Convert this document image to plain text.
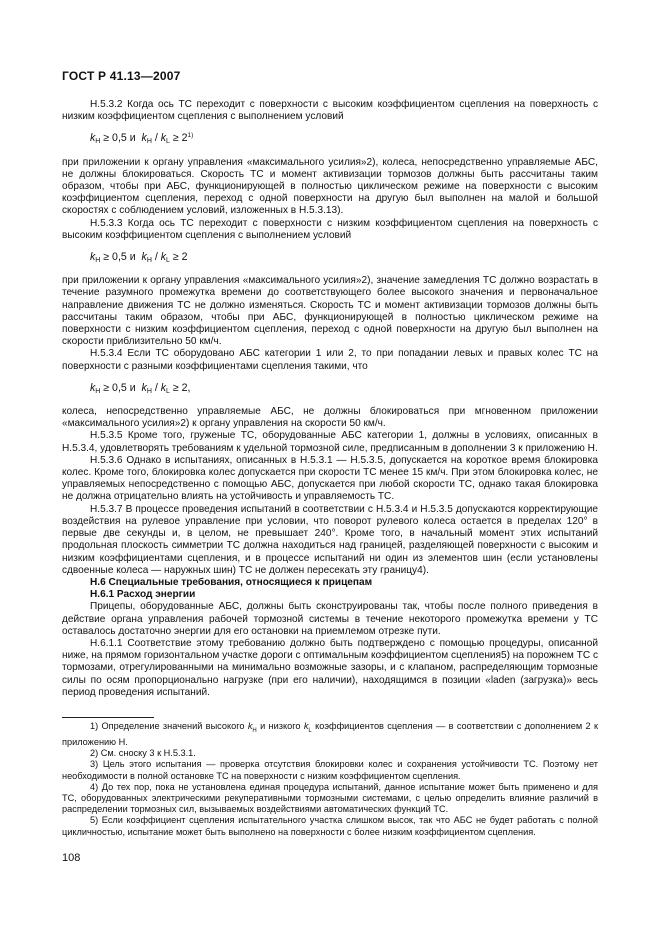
ГОСТ Р 41.13—2007

Н.5.3.2 Когда ось ТС переходит с поверхности с высоким коэффициентом сцепления на поверхность с низким коэффициентом сцепления с выполнением условий

$k_H \ge 0,5$ и  $k_H / k_L \ge 2^{1)}$

при приложении к органу управления «максимального усилия»2), колеса, непосредственно управляемые АБС, не должны блокироваться. Скорость ТС и момент активизации тормозов должны быть рассчитаны таким образом, чтобы при АБС, функционирующей в полностью циклическом режиме на поверхности с высоким коэффициентом сцепления, переход с одной поверхности на другую был выполнен на малой и большой скоростях с соблюдением условий, изложенных в Н.5.3.13).

Н.5.3.3 Когда ось ТС переходит с поверхности с низким коэффициентом сцепления на поверхность с высоким коэффициентом сцепления с выполнением условий

$k_H \ge 0,5$ и  $k_H / k_L \ge 2$

при приложении к органу управления «максимального усилия»2), значение замедления ТС должно возрастать в течение разумного промежутка времени до соответствующего более высокого значения и первоначальное направление движения ТС не должно изменяться. Скорость ТС и момент активизации тормозов должны быть рассчитаны таким образом, чтобы при АБС, функционирующей в полностью циклическом режиме на поверхности с низким коэффициентом сцепления, переход с одной поверхности на другую был выполнен на скорости приблизительно 50 км/ч.

Н.5.3.4 Если ТС оборудовано АБС категории 1 или 2, то при попадании левых и правых колес ТС на поверхности с разными коэффициентами сцепления такими, что

$k_H \ge 0,5$ и  $k_H / k_L \ge 2$,

колеса, непосредственно управляемые АБС, не должны блокироваться при мгновенном приложении «максимального усилия»2) к органу управления на скорости 50 км/ч.

Н.5.3.5 Кроме того, груженые ТС, оборудованные АБС категории 1, должны в условиях, описанных в Н.5.3.4, удовлетворять требованиям к удельной тормозной силе, предписанным в дополнении 3 к приложению Н.

Н.5.3.6 Однако в испытаниях, описанных в Н.5.3.1 — Н.5.3.5, допускается на короткое время блокировка колес. Кроме того, блокировка колес допускается при скорости ТС менее 15 км/ч. При этом блокировка колес, не управляемых непосредственно с помощью АБС, допускается при любой скорости ТС, однако такая блокировка не должна отрицательно влиять на устойчивость и управляемость ТС.

Н.5.3.7 В процессе проведения испытаний в соответствии с Н.5.3.4 и Н.5.3.5 допускаются корректирующие воздействия на рулевое управление при условии, что поворот рулевого колеса остается в пределах 120° в первые две секунды и, в целом, не превышает 240°. Кроме того, в начальный момент этих испытаний продольная плоскость симметрии ТС должна находиться над границей, разделяющей поверхности с высоким и низким коэффициентами сцепления, и в процессе испытаний ни один из элементов шин (если установлены сдвоенные колеса — наружных шин) ТС не должен пересекать эту границу4).

Н.6 Специальные требования, относящиеся к прицепам

Н.6.1 Расход энергии

Прицепы, оборудованные АБС, должны быть сконструированы так, чтобы после полного приведения в действие органа управления рабочей тормозной системы в течение некоторого промежутка времени у ТС оставалось достаточно энергии для его остановки на приемлемом отрезке пути.

Н.6.1.1 Соответствие этому требованию должно быть подтверждено с помощью процедуры, описанной ниже, на прямом горизонтальном участке дороги с оптимальным коэффициентом сцепления5) на порожнем ТС с тормозами, отрегулированными на минимально возможные зазоры, и с клапаном, распределяющим тормозные силы по осям пропорционально нагрузке (при его наличии), находящимся в позиции «laden (загрузка)» весь период проведения испытаний.

1) Определение значений высокого $k_H$ и низкого $k_L$ коэффициентов сцепления — в соответствии с дополнением 2 к приложению Н.

2) См. сноску 3 к Н.5.3.1.

3) Цель этого испытания — проверка отсутствия блокировки колес и сохранения устойчивости ТС. Поэтому нет необходимости в полной остановке ТС на поверхности с низким коэффициентом сцепления.

4) До тех пор, пока не установлена единая процедура испытаний, данное испытание может быть применено и для ТС, оборудованных электрическими рекуперативными тормозными системами, с целью определить влияние различий в распределении тормозных сил, вызываемых воздействиями автоматических функций ТС.

5) Если коэффициент сцепления испытательного участка слишком высок, так что АБС не будет работать с полной цикличностью, испытание может быть выполнено на поверхности с более низким коэффициентом сцепления.

108
